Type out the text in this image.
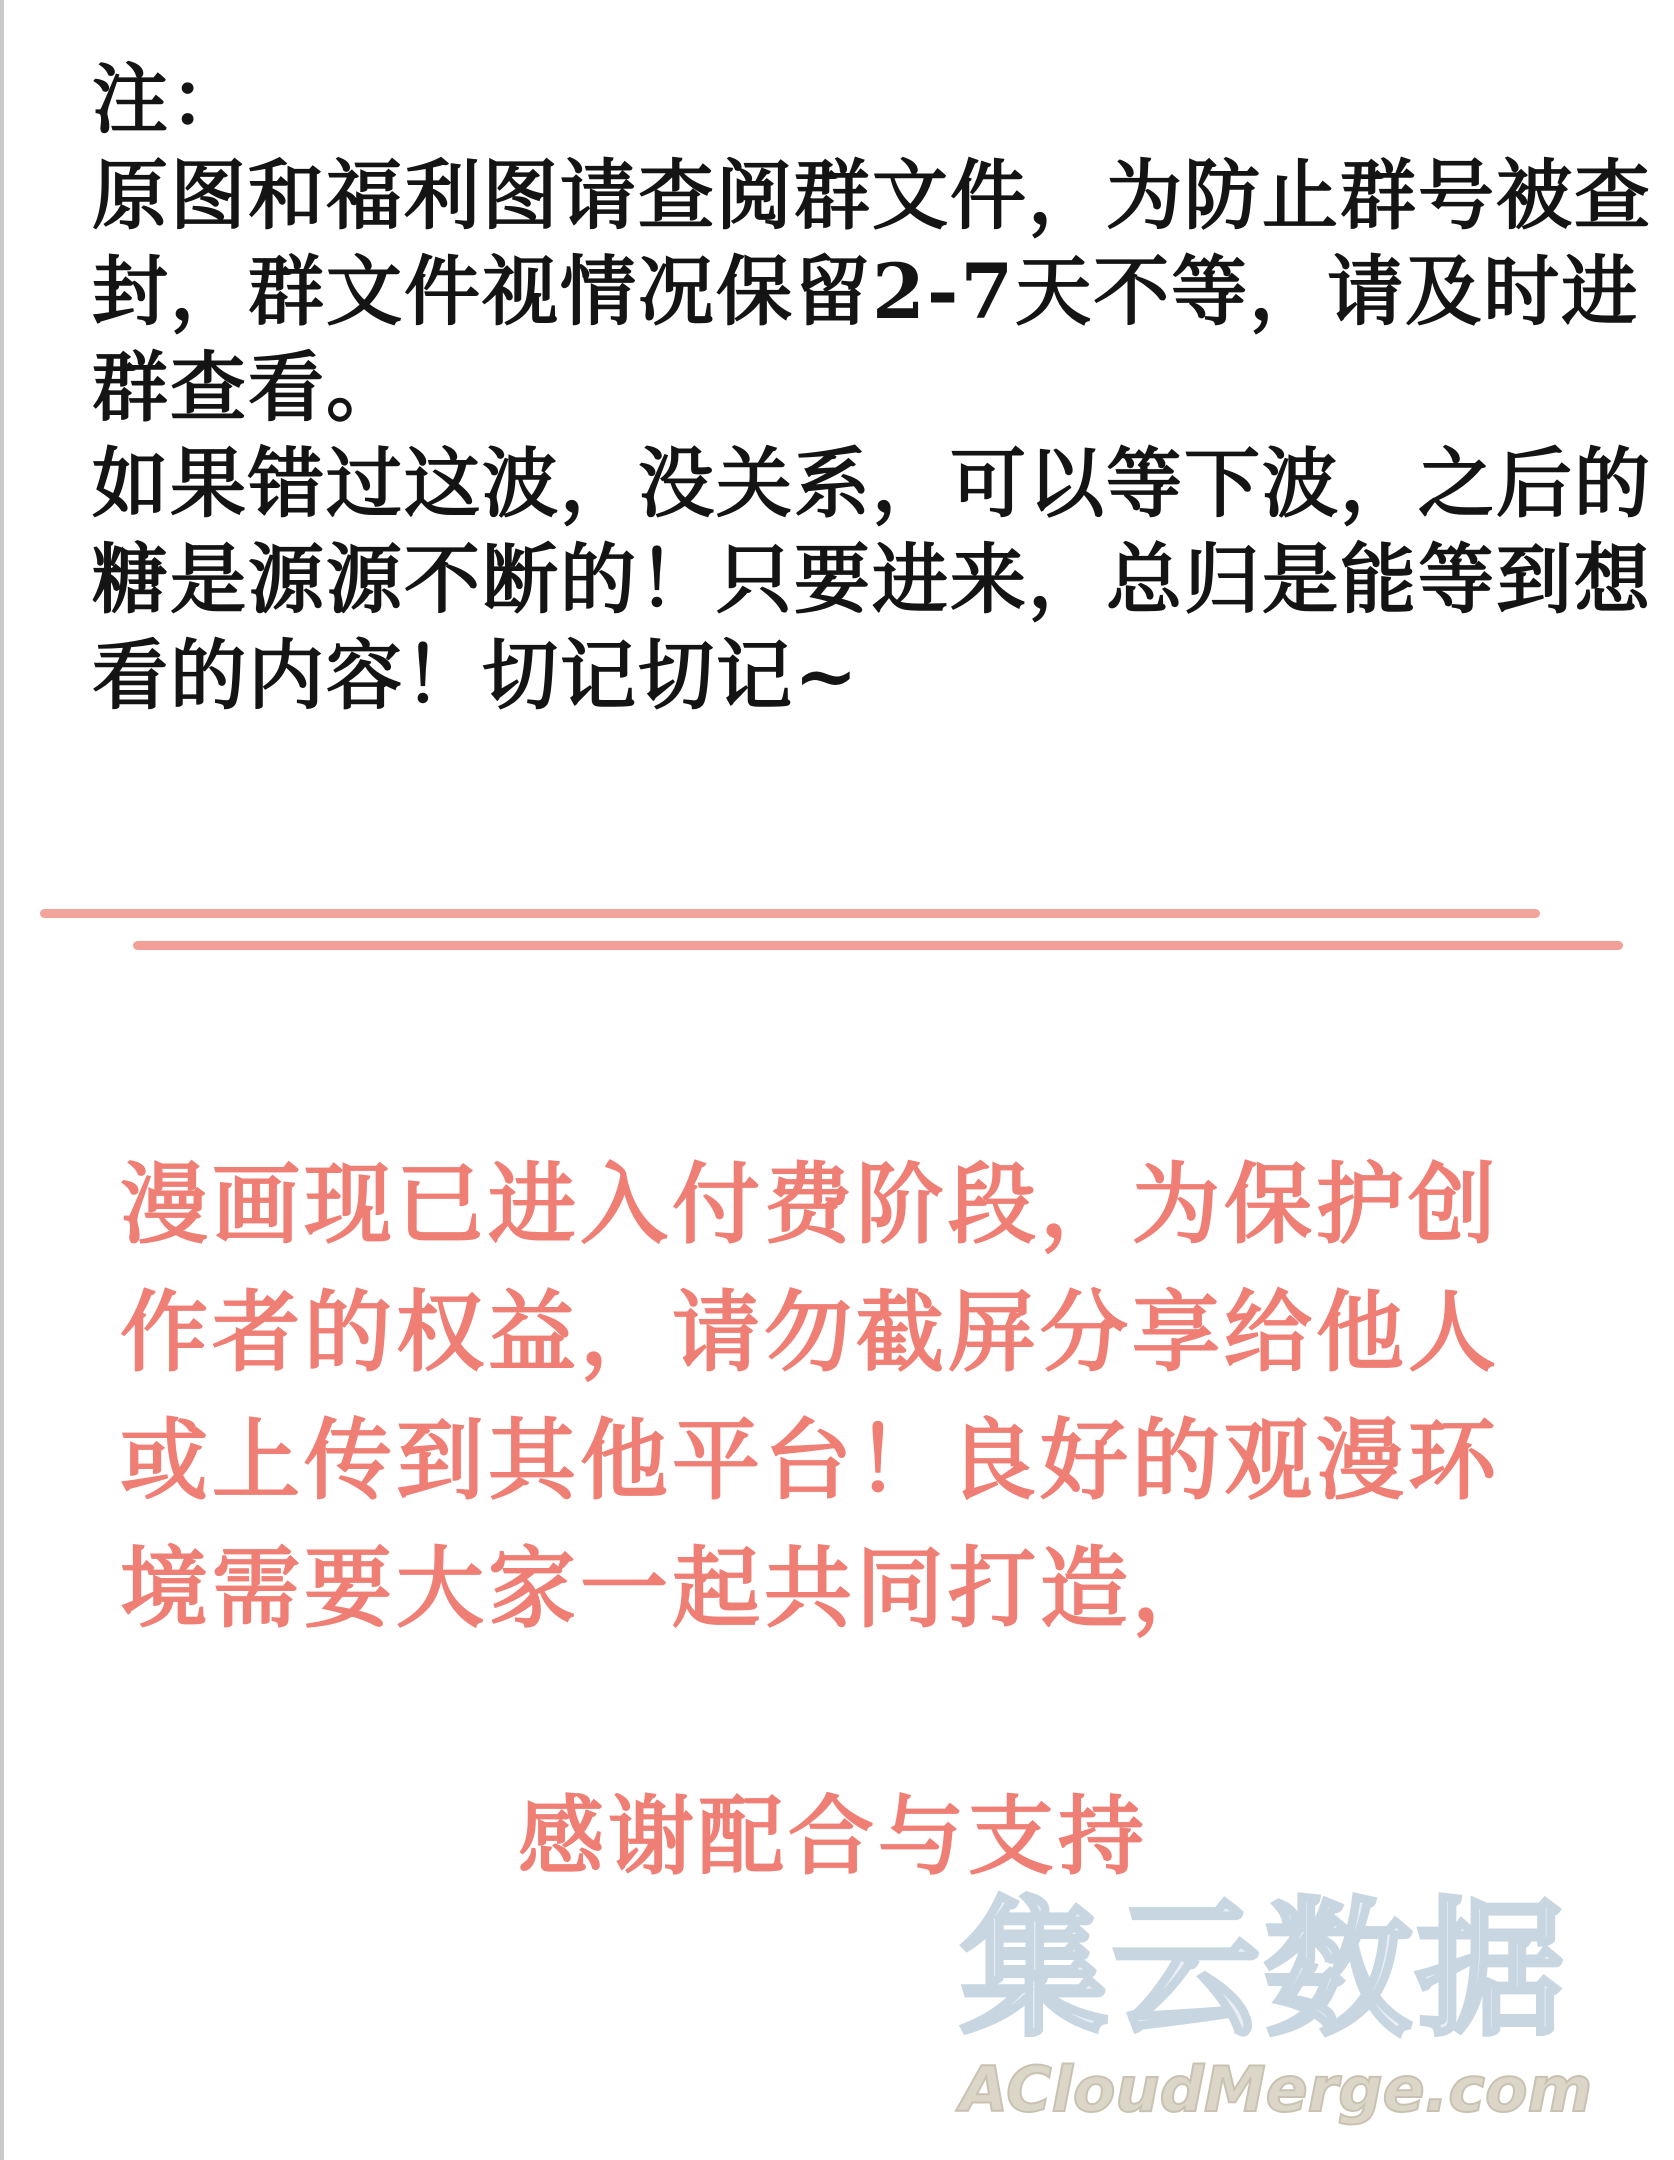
注：
原图和福利图请查阅群文件，为防止群号被查
封，群文件视情况保留2-7天不等，请及时进
群查看。
如果错过这波，没关系，可以等下波，之后的
糖是源源不断的！只要进来，总归是能等到想
看的内容！切记切记~
漫画现已进入付费阶段，为保护创
作者的权益，请勿截屏分享给他人
或上传到其他平台！良好的观漫环
境需要大家一起共同打造，
感谢配合与支持
集云数据
ACloudMerge.com
